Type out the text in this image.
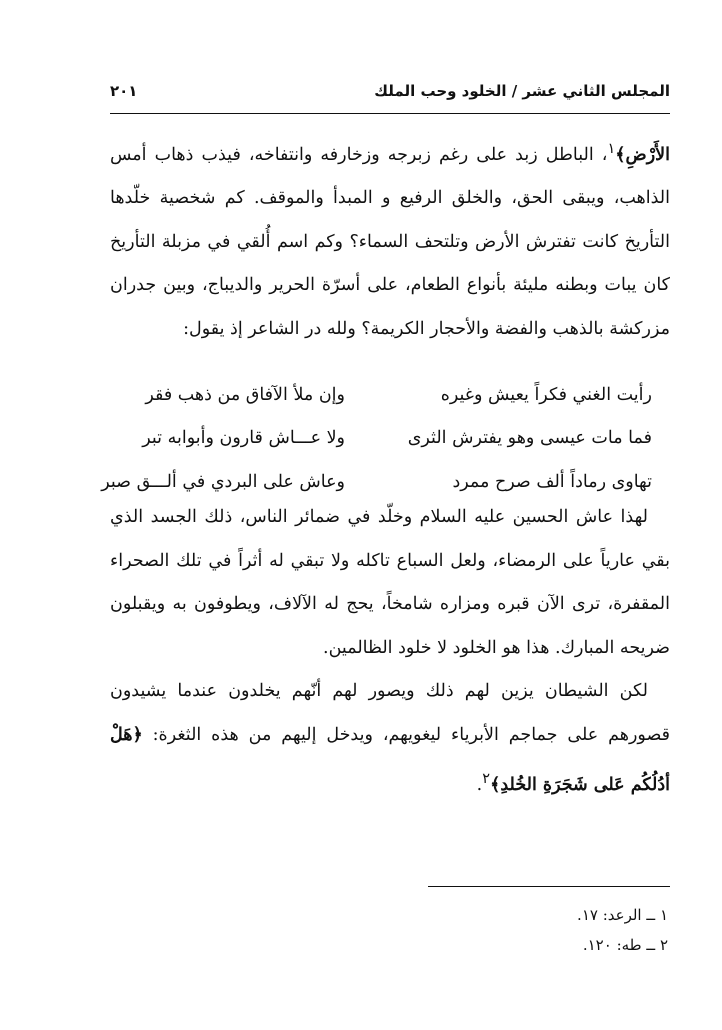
المجلس الثاني عشر / الخلود وحب الملك
٢٠١

الأَرْضِ﴾$^١$، الباطل زبد على رغم زبرجه وزخارفه وانتفاخه، فيذب ذهاب أمس الذاهب، ويبقى الحق، والخلق الرفيع و المبدأ والموقف. كم شخصية خلّدها التأريخ كانت تفترش الأرض وتلتحف السماء؟ وكم اسم أُلقي في مزبلة التأريخ كان يبات وبطنه مليئة بأنواع الطعام، على أسرّة الحرير والديباج، وبين جدران مزركشة بالذهب والفضة والأحجار الكريمة؟ ولله در الشاعر إذ يقول:

رأيت الغني فكراً يعيش وغيره
وإن ملأ الآفاق من ذهب فقر
فما مات عيسى وهو يفترش الثرى
ولا عـــاش قارون وأبوابه تبر
تهاوى رماداً ألف صرح ممرد
وعاش على البردي في ألـــق صبر

لهذا عاش الحسين عليه السلام وخلّد في ضمائر الناس، ذلك الجسد الذي بقي عارياً على الرمضاء، ولعل السباع تاكله ولا تبقي له أثراً في تلك الصحراء المقفرة، ترى الآن قبره ومزاره شامخاً، يحج له الآلاف، ويطوفون به ويقبلون ضريحه المبارك. هذا هو الخلود لا خلود الظالمين.

لكن الشيطان يزين لهم ذلك ويصور لهم أنّهم يخلدون عندما يشيدون قصورهم على جماجم الأبرياء ليغويهم، ويدخل إليهم من هذه الثغرة: ﴿هَلْ أدُلُكُم عَلى شَجَرَةِ الخُلدِ﴾$^٢$.

١ ــ الرعد: ١٧.
٢ ــ طه: ١٢٠.
